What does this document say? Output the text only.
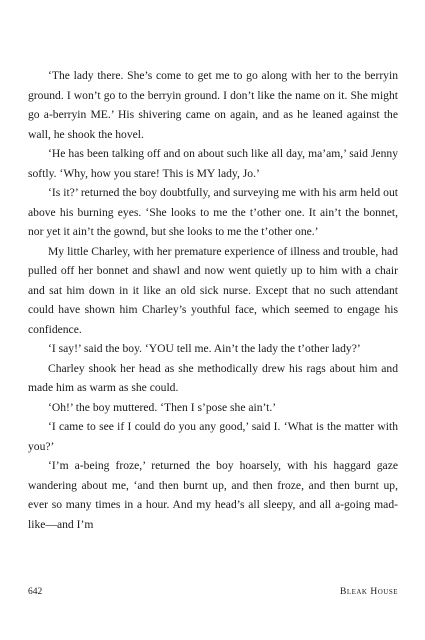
‘The lady there. She’s come to get me to go along with her to the berryin ground. I won’t go to the berryin ground. I don’t like the name on it. She might go a-berryin ME.’ His shivering came on again, and as he leaned against the wall, he shook the hovel.

‘He has been talking off and on about such like all day, ma’am,’ said Jenny softly. ‘Why, how you stare! This is MY lady, Jo.’

‘Is it?’ returned the boy doubtfully, and surveying me with his arm held out above his burning eyes. ‘She looks to me the t’other one. It ain’t the bonnet, nor yet it ain’t the gownd, but she looks to me the t’other one.’

My little Charley, with her premature experience of illness and trouble, had pulled off her bonnet and shawl and now went quietly up to him with a chair and sat him down in it like an old sick nurse. Except that no such attendant could have shown him Charley’s youthful face, which seemed to engage his confidence.

‘I say!’ said the boy. ‘YOU tell me. Ain’t the lady the t’other lady?’

Charley shook her head as she methodically drew his rags about him and made him as warm as she could.

‘Oh!’ the boy muttered. ‘Then I s’pose she ain’t.’

‘I came to see if I could do you any good,’ said I. ‘What is the matter with you?’

‘I’m a-being froze,’ returned the boy hoarsely, with his haggard gaze wandering about me, ‘and then burnt up, and then froze, and then burnt up, ever so many times in a hour. And my head’s all sleepy, and all a-going mad-like—and I’m

642	Bleak House
